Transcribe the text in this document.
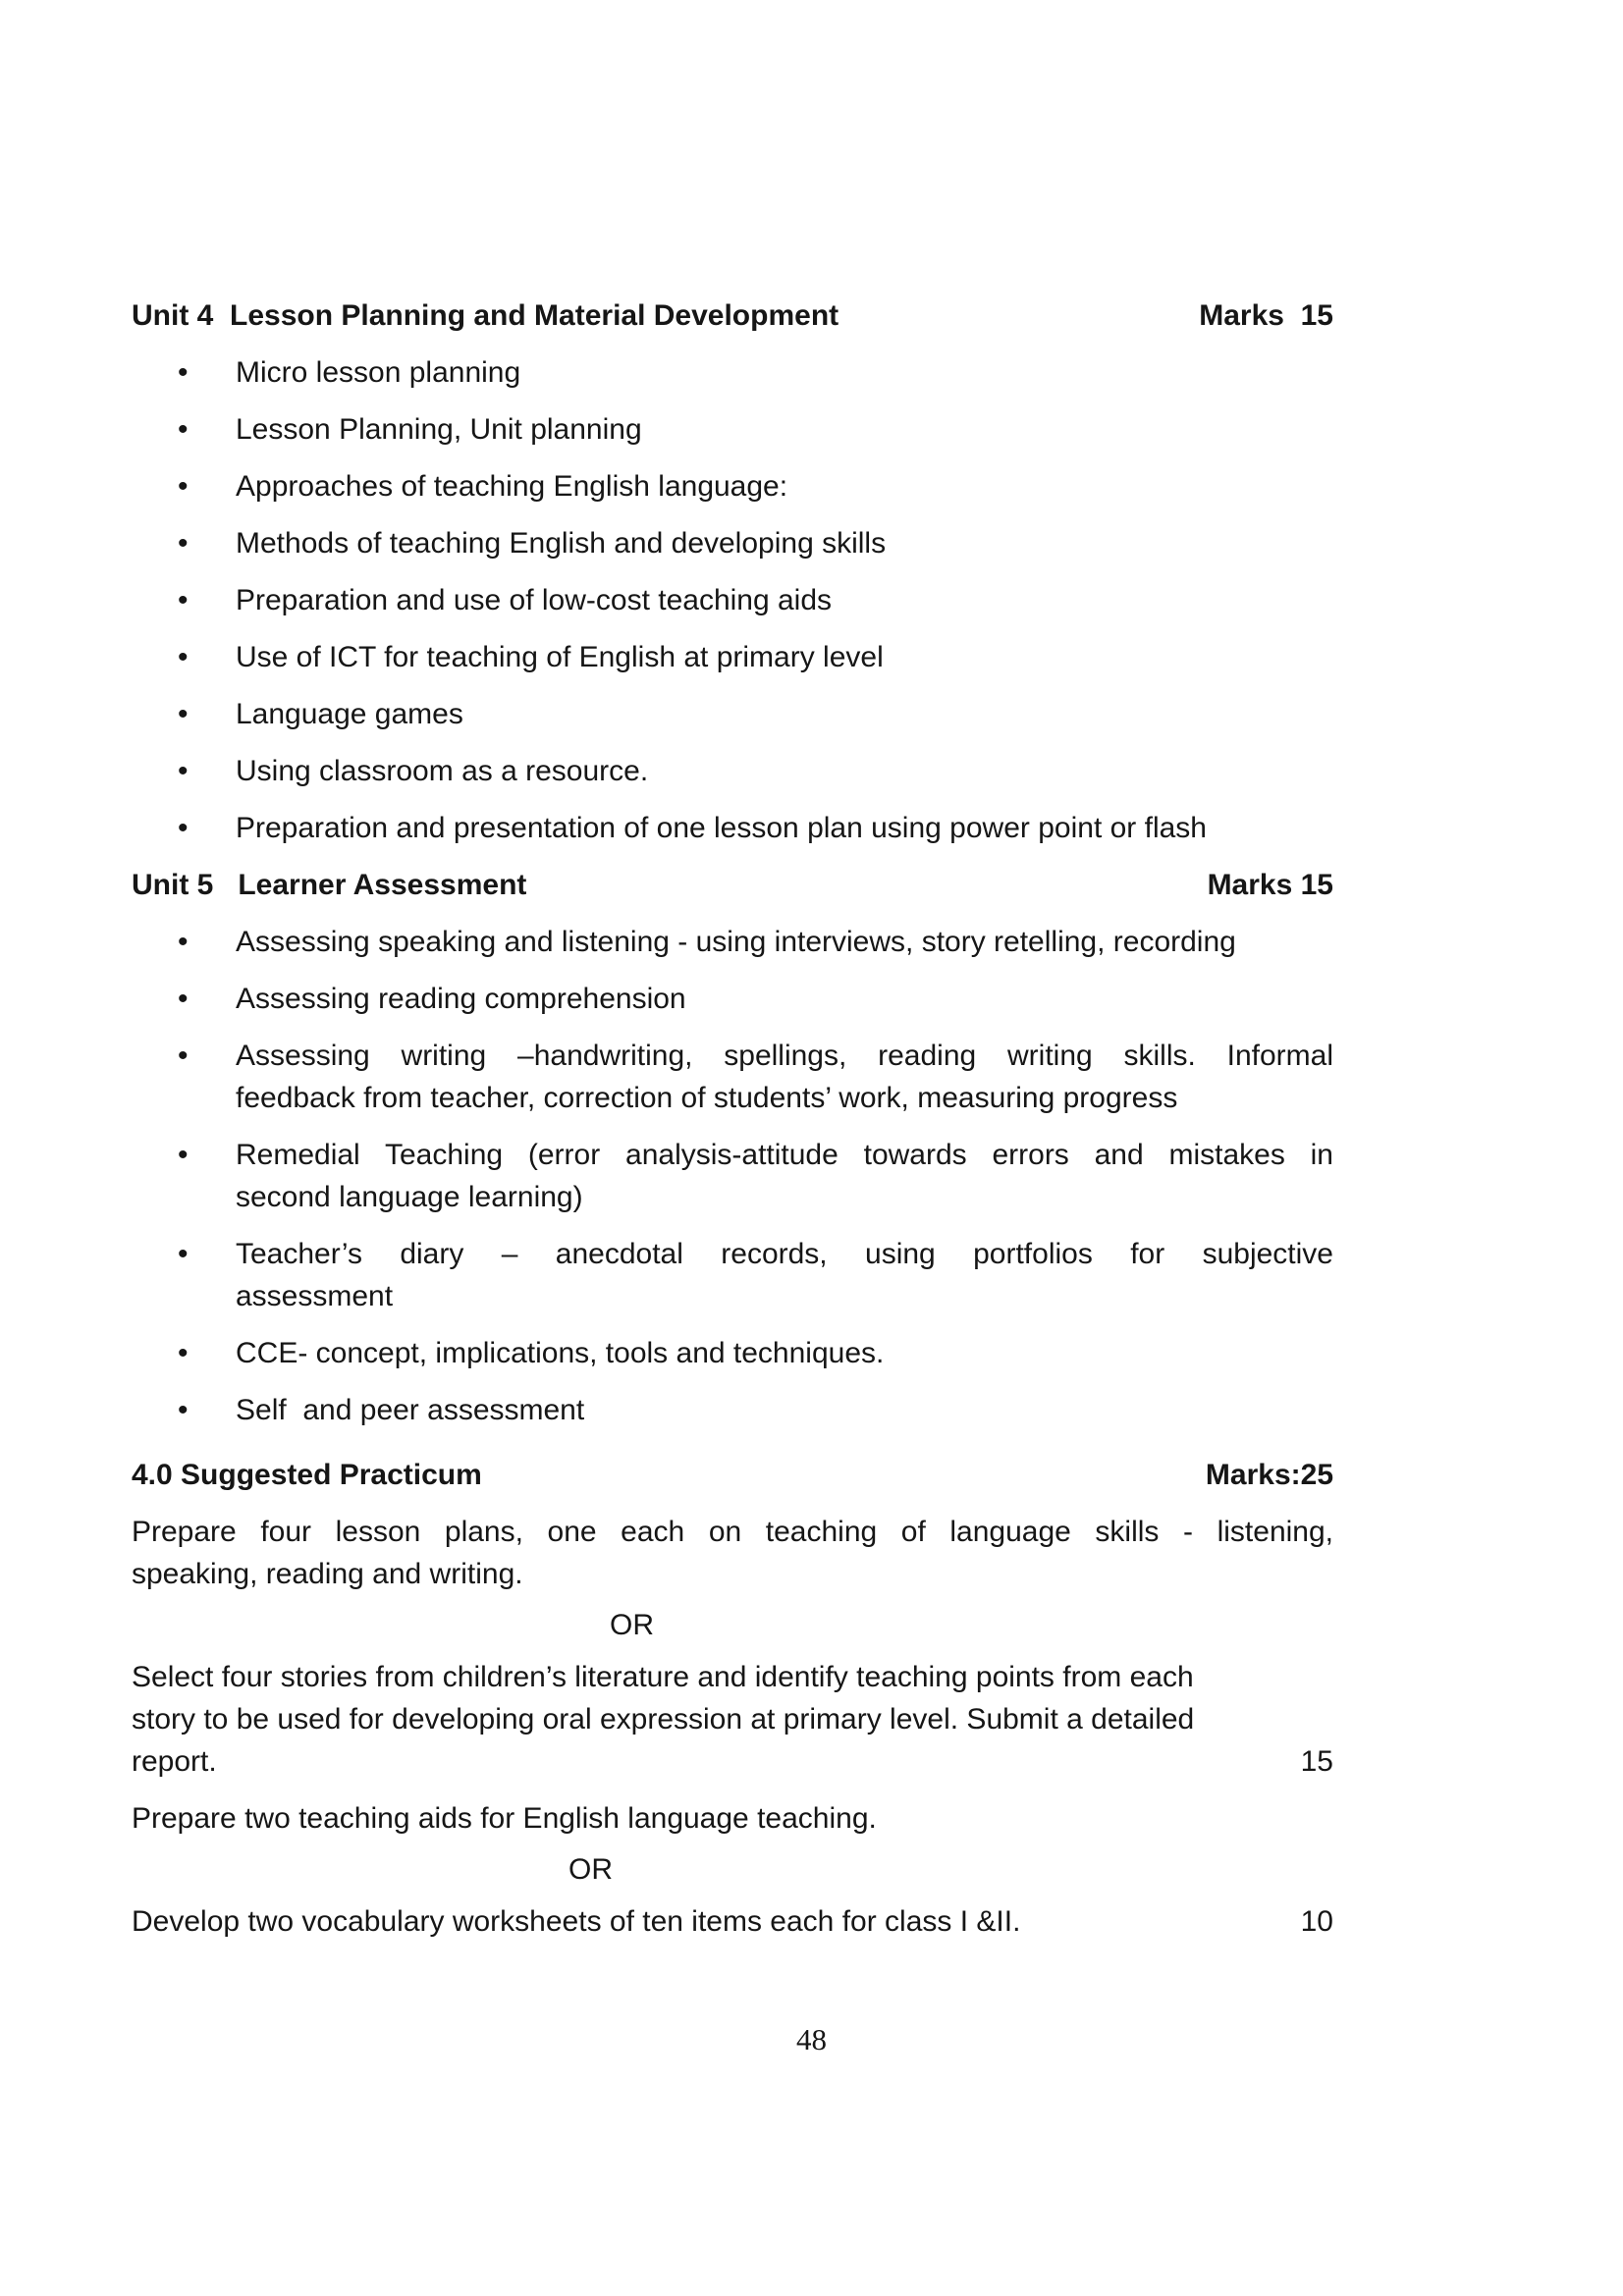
Unit 4  Lesson Planning and Material Development	Marks  15
• Micro lesson planning
• Lesson Planning, Unit planning
• Approaches of teaching English language:
• Methods of teaching English and developing skills
• Preparation and use of low-cost teaching aids
• Use of ICT for teaching of English at primary level
• Language games
• Using classroom as a resource.
• Preparation and presentation of one lesson plan using power point or flash
Unit 5   Learner Assessment	Marks 15
• Assessing speaking and listening - using interviews, story retelling, recording
• Assessing reading comprehension
• Assessing writing –handwriting, spellings, reading writing skills. Informal
feedback from teacher, correction of students’ work, measuring progress
• Remedial Teaching (error analysis-attitude towards errors and mistakes in
second language learning)
• Teacher’s diary – anecdotal records, using portfolios for subjective
assessment
• CCE- concept, implications, tools and techniques.
• Self  and peer assessment
4.0 Suggested Practicum	Marks:25
Prepare four lesson plans, one each on teaching of language skills - listening,
speaking, reading and writing.
OR
Select four stories from children’s literature and identify teaching points from each
story to be used for developing oral expression at primary level. Submit a detailed
report.	15
Prepare two teaching aids for English language teaching.
OR
Develop two vocabulary worksheets of ten items each for class I &II.	10
48
